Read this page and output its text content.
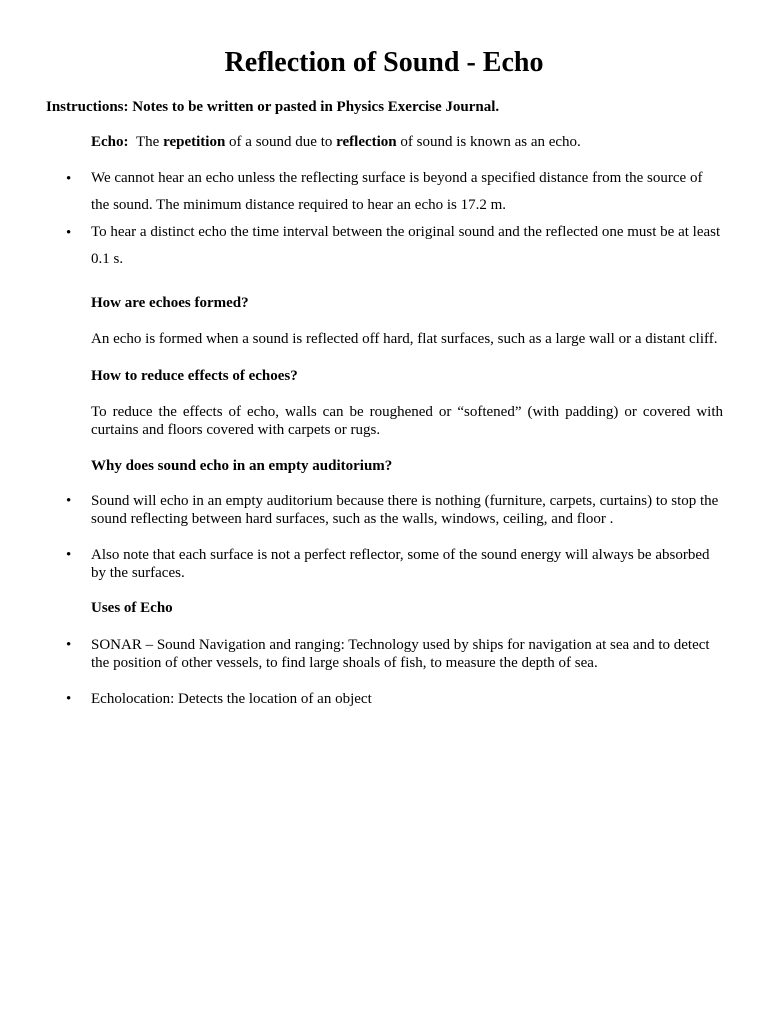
Reflection of Sound - Echo
Instructions: Notes to be written or pasted in Physics Exercise Journal.
Echo: The repetition of a sound due to reflection of sound is known as an echo.
• We cannot hear an echo unless the reflecting surface is beyond a specified distance from the source of the sound. The minimum distance required to hear an echo is 17.2 m.
• To hear a distinct echo the time interval between the original sound and the reflected one must be at least 0.1 s.
How are echoes formed?
An echo is formed when a sound is reflected off hard, flat surfaces, such as a large wall or a distant cliff.
How to reduce effects of echoes?
To reduce the effects of echo, walls can be roughened or “softened” (with padding) or covered with curtains and floors covered with carpets or rugs.
Why does sound echo in an empty auditorium?
• Sound will echo in an empty auditorium because there is nothing (furniture, carpets, curtains) to stop the sound reflecting between hard surfaces, such as the walls, windows, ceiling, and floor .
• Also note that each surface is not a perfect reflector, some of the sound energy will always be absorbed by the surfaces.
Uses of Echo
• SONAR – Sound Navigation and ranging: Technology used by ships for navigation at sea and to detect the position of other vessels, to find large shoals of fish, to measure the depth of sea.
• Echolocation: Detects the location of an object
